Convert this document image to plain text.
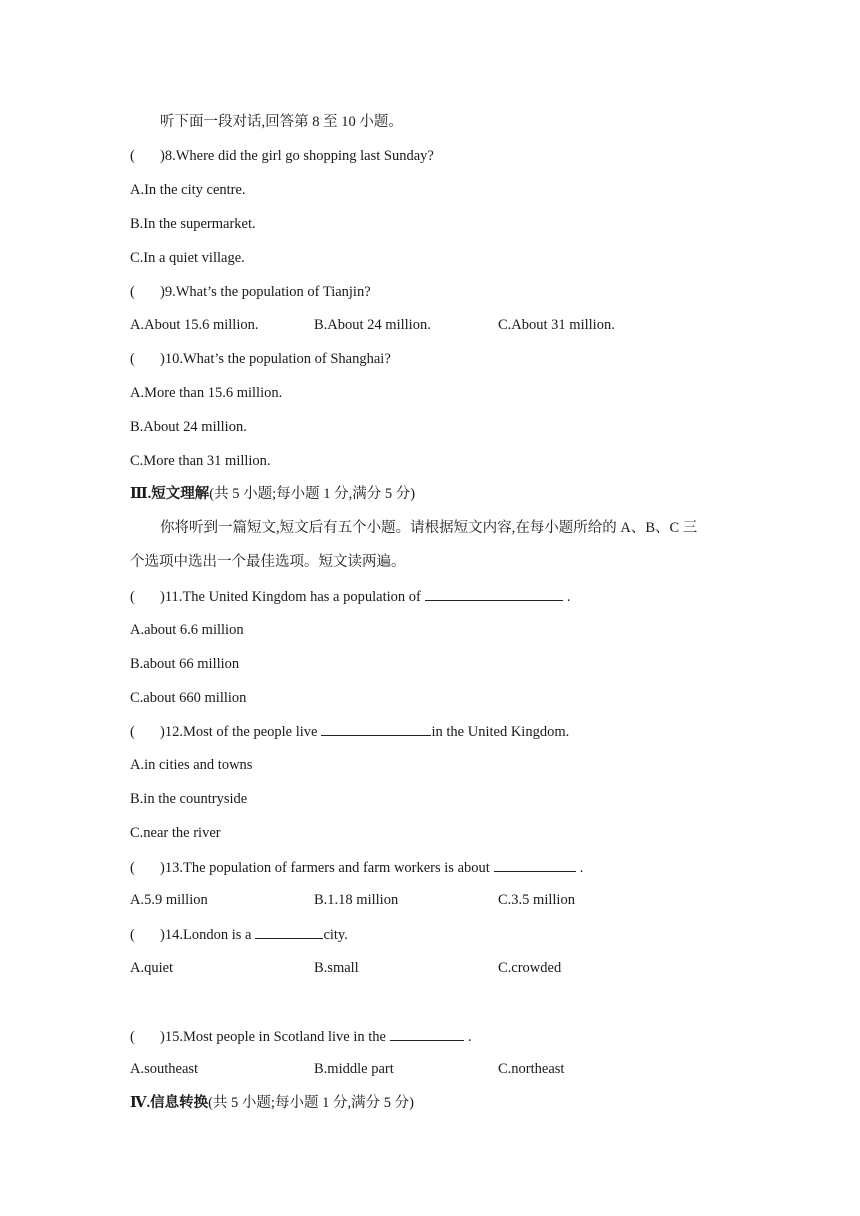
听下面一段对话,回答第 8 至 10 小题。
( )8.Where did the girl go shopping last Sunday?
A.In the city centre.
B.In the supermarket.
C.In a quiet village.
( )9.What’s the population of Tianjin?
A.About 15.6 million.	B.About 24 million.	C.About 31 million.
( )10.What’s the population of Shanghai?
A.More than 15.6 million.
B.About 24 million.
C.More than 31 million.
Ⅲ.短文理解(共 5 小题;每小题 1 分,满分 5 分)
你将听到一篇短文,短文后有五个小题。请根据短文内容,在每小题所给的 A、B、C 三
个选项中选出一个最佳选项。短文读两遍。
( )11.The United Kingdom has a population of	.
A.about 6.6 million
B.about 66 million
C.about 660 million
( )12.Most of the people live	in the United Kingdom.
A.in cities and towns
B.in the countryside
C.near the river
( )13.The population of farmers and farm workers is about	.
A.5.9 million	B.1.18 million	C.3.5 million
( )14.London is a	city.
A.quiet	B.small	C.crowded
( )15.Most people in Scotland live in the	.
A.southeast	B.middle part	C.northeast
Ⅳ.信息转换(共 5 小题;每小题 1 分,满分 5 分)
